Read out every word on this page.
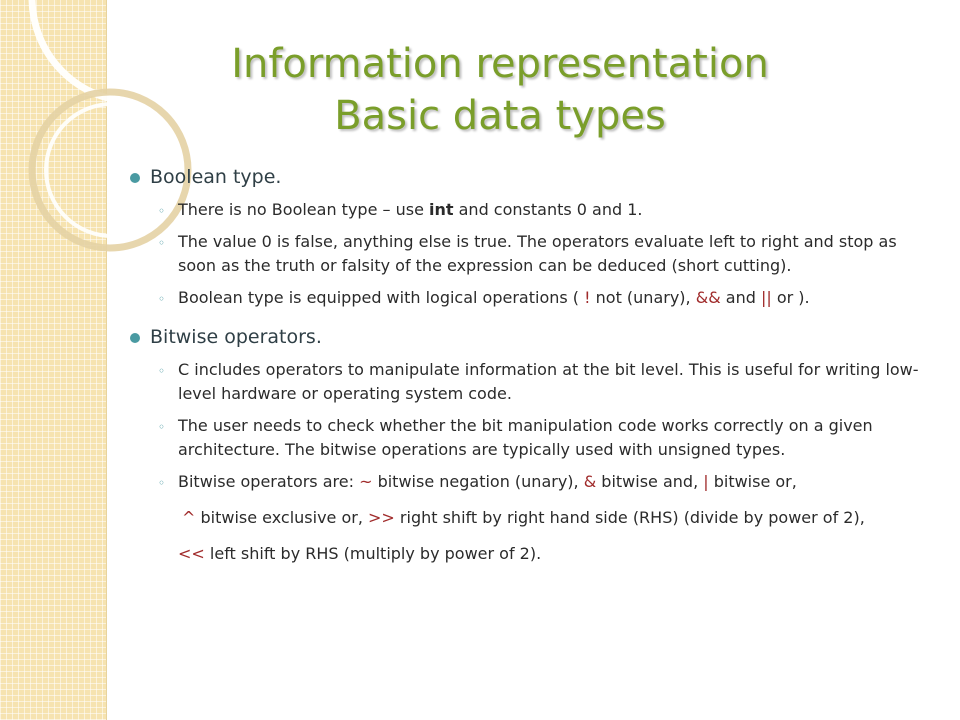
Information representation
Basic data types
Boolean type.
◦ There is no Boolean type – use int and constants 0 and 1.
◦ The value 0 is false, anything else is true. The operators evaluate left to right and stop as soon as the truth or falsity of the expression can be deduced (short cutting).
◦ Boolean type is equipped with logical operations ( ! not (unary), && and || or ).
Bitwise operators.
◦ C includes operators to manipulate information at the bit level. This is useful for writing low-level hardware or operating system code.
◦ The user needs to check whether the bit manipulation code works correctly on a given architecture. The bitwise operations are typically used with unsigned types.
◦ Bitwise operators are: ~ bitwise negation (unary), & bitwise and, | bitwise or,
^ bitwise exclusive or, >> right shift by right hand side (RHS) (divide by power of 2),
<< left shift by RHS (multiply by power of 2).
